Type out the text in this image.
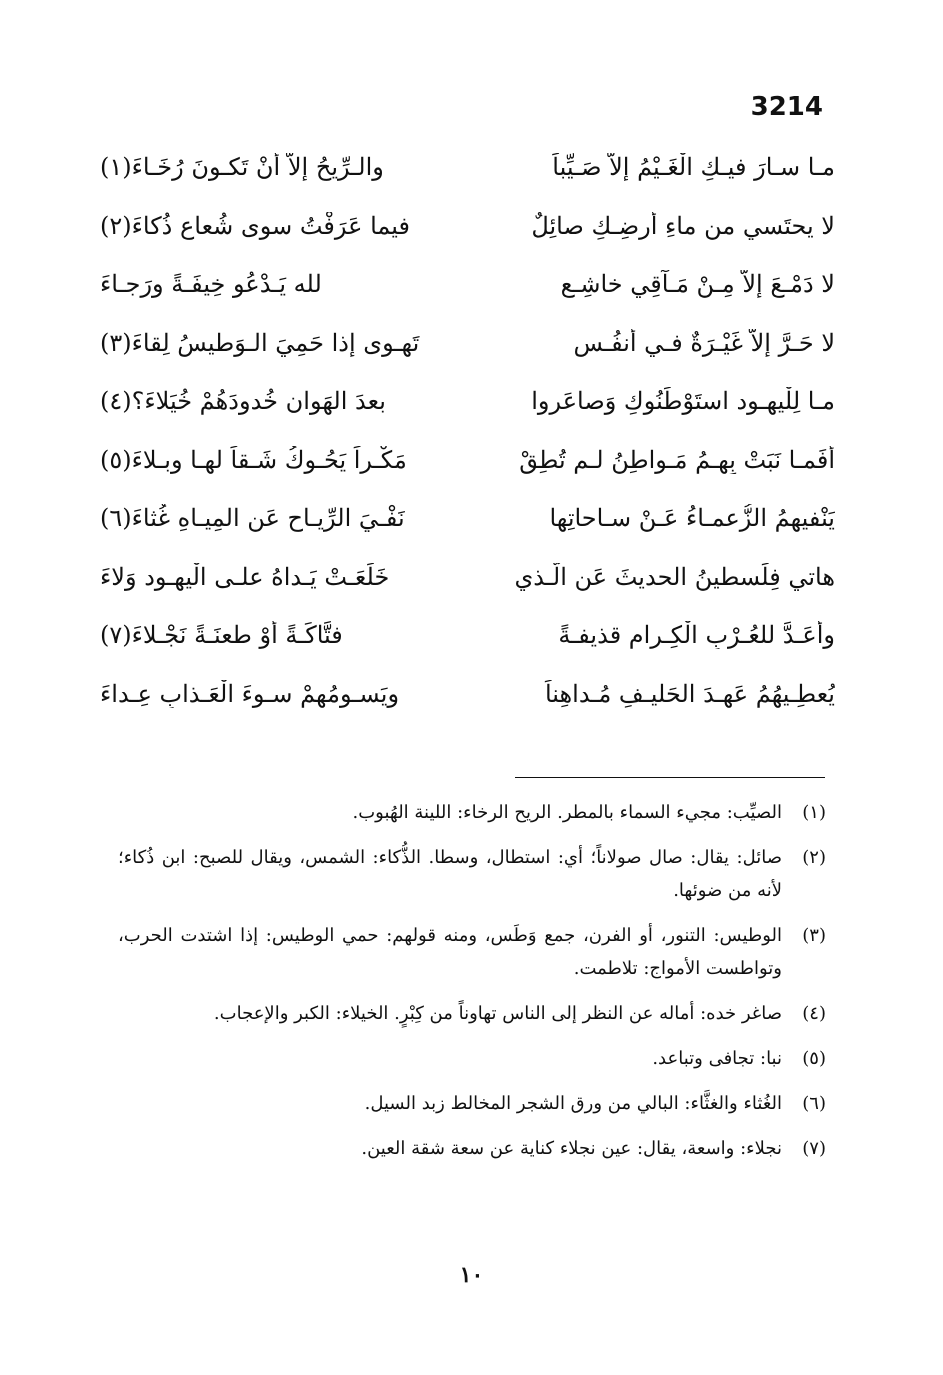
3214
مـا سـارَ فيـكِ الْغَـيْمُ إلاَّ صَـيِّباً
والـرِّيحُ إلاَّ أَنْ تَكـونَ رُخَـاءَ(١)
لا يحتَسي من ماءِ أَرضِـكِ صائِلٌ
فيما عَرَفْتُ سوى شُعاعِ ذُكاءَ(٢)
لا دَمْـعَ إلاَّ مِـنْ مَـآقِي خاشِـعٍ
لله يَـدْعُو خِيفَـةً ورَجـاءَ
لا حَـرَّ إلاَّ غَيْـرَةٌ فـي أَنفُـسٍ
تَهـوى إذا حَمِيَ الـوَطيسُ لِقاءَ(٣)
مـا لِلْيهـود استَوْطَنُوكِ وَصاعَروا
بعدَ الهَوانِ خُدودَهُمْ خُيَلاءَ؟(٤)
أَفَمـا نَبَتْ بِهِـمُ مَـواطِنُ لـم تُطِقْ
مَكْـراً يَحُـوكُ شَـقاً لهـا وبـلاءَ(٥)
يَنْفيهِمُ الزُّعمـاءُ عَـنْ سـاحاتِها
نَفْـيَ الرِّيـاحِ عَنِ المِيـاهِ غُثاءَ(٦)
هاتي فِلَسطينُ الحديثَ عَنِ الَّـذي
خَلَعَـتْ يَـداهُ علـى الْيهـود وَلاءَ
وأَعَـدَّ للعُـرْبِ الْكِـرامِ قذيفـةً
فتَّاكَـةً أَوْ طعنَـةً نَجْـلاءَ(٧)
يُعطِـيهُمُ عَهـدَ الحَليـفِ مُـداهِناً
ويَسـومُهمْ سـوءَ الْعَـذابِ عِـداءَ
(١)
الصيِّب: مجيء السماء بالمطر. الريح الرخاء: اللينة الهُبوب.
(٢)
صائل: يقال: صال صولاناً؛ أي: استطال، وسطا. الذُّكاء: الشمس، ويقال للصبح: ابن ذُكاء؛ لأنه من ضوئها.
(٣)
الوطيس: التنور، أو الفرن، جمع وَطَس، ومنه قولهم: حمي الوطيس: إذا اشتدت الحرب، وتواطست الأمواج: تلاطمت.
(٤)
صاغر خده: أماله عن النظر إلى الناس تهاوناً من كِبْرٍ. الخيلاء: الكبر والإعجاب.
(٥)
نبا: تجافى وتباعد.
(٦)
الغُثاء والغثَّاء: البالي من ورق الشجر المخالط زبد السيل.
(٧)
نجلاء: واسعة، يقال: عين نجلاء كناية عن سعة شقة العين.
١٠
